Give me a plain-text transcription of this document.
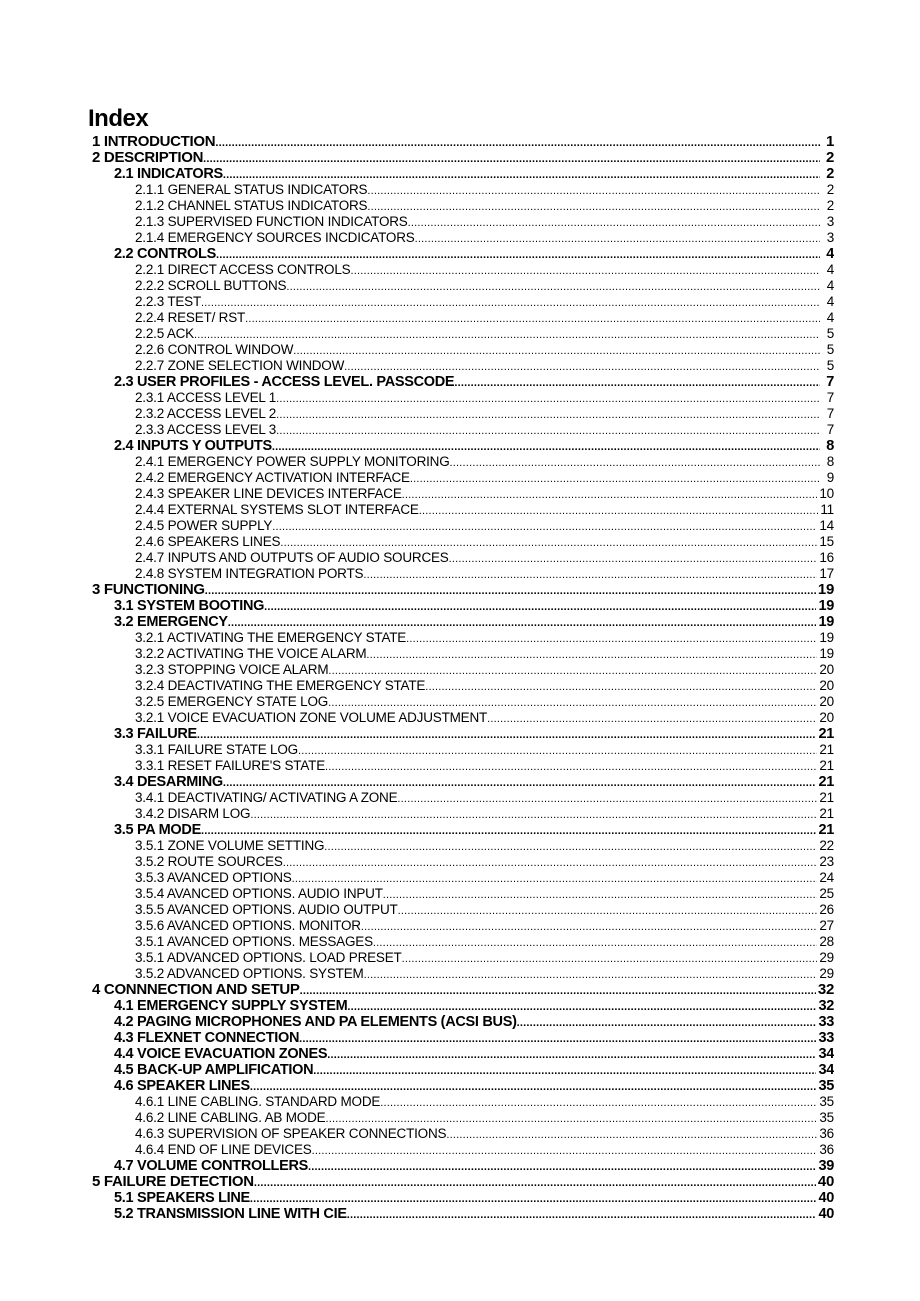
Index
1 INTRODUCTION .....	1
2 DESCRIPTION .....	2
2.1 INDICATORS .....	2
2.1.1 GENERAL STATUS INDICATORS .....	2
2.1.2 CHANNEL STATUS INDICATORS .....	2
2.1.3 SUPERVISED FUNCTION INDICATORS .....	3
2.1.4 EMERGENCY SOURCES INCDICATORS .....	3
2.2 CONTROLS .....	4
2.2.1 DIRECT ACCESS CONTROLS .....	4
2.2.2 SCROLL BUTTONS .....	4
2.2.3 TEST .....	4
2.2.4 RESET/ RST .....	4
2.2.5 ACK .....	5
2.2.6 CONTROL WINDOW .....	5
2.2.7 ZONE SELECTION WINDOW .....	5
2.3 USER PROFILES - ACCESS LEVEL. PASSCODE .....	7
2.3.1 ACCESS LEVEL 1 .....	7
2.3.2 ACCESS LEVEL 2 .....	7
2.3.3 ACCESS LEVEL 3 .....	7
2.4 INPUTS Y OUTPUTS .....	8
2.4.1 EMERGENCY POWER SUPPLY MONITORING .....	8
2.4.2 EMERGENCY ACTIVATION INTERFACE .....	9
2.4.3 SPEAKER LINE DEVICES INTERFACE .....	10
2.4.4 EXTERNAL SYSTEMS SLOT INTERFACE .....	11
2.4.5 POWER SUPPLY .....	14
2.4.6 SPEAKERS LINES .....	15
2.4.7 INPUTS AND OUTPUTS OF AUDIO SOURCES .....	16
2.4.8 SYSTEM INTEGRATION PORTS .....	17
3 FUNCTIONING .....	19
3.1 SYSTEM BOOTING .....	19
3.2 EMERGENCY .....	19
3.2.1 ACTIVATING THE EMERGENCY STATE .....	19
3.2.2 ACTIVATING THE VOICE ALARM .....	19
3.2.3 STOPPING VOICE ALARM .....	20
3.2.4 DEACTIVATING THE EMERGENCY STATE .....	20
3.2.5 EMERGENCY STATE LOG .....	20
3.2.1 VOICE EVACUATION ZONE VOLUME ADJUSTMENT .....	20
3.3 FAILURE .....	21
3.3.1 FAILURE STATE LOG .....	21
3.3.1 RESET FAILURE'S STATE .....	21
3.4 DESARMING .....	21
3.4.1 DEACTIVATING/ ACTIVATING A ZONE .....	21
3.4.2 DISARM LOG .....	21
3.5 PA MODE .....	21
3.5.1 ZONE VOLUME SETTING .....	22
3.5.2 ROUTE SOURCES .....	23
3.5.3 AVANCED OPTIONS .....	24
3.5.4 AVANCED OPTIONS. AUDIO INPUT .....	25
3.5.5 AVANCED OPTIONS. AUDIO OUTPUT .....	26
3.5.6 AVANCED OPTIONS. MONITOR .....	27
3.5.1 AVANCED OPTIONS. MESSAGES .....	28
3.5.1 ADVANCED OPTIONS. LOAD PRESET .....	29
3.5.2 ADVANCED OPTIONS. SYSTEM .....	29
4 CONNNECTION AND SETUP .....	32
4.1 EMERGENCY SUPPLY SYSTEM .....	32
4.2 PAGING MICROPHONES AND PA ELEMENTS (ACSI BUS) .....	33
4.3 FLEXNET CONNECTION .....	33
4.4 VOICE EVACUATION ZONES .....	34
4.5 BACK-UP AMPLIFICATION .....	34
4.6 SPEAKER LINES .....	35
4.6.1 LINE CABLING. STANDARD MODE .....	35
4.6.2 LINE CABLING. AB MODE .....	35
4.6.3 SUPERVISION OF SPEAKER CONNECTIONS .....	36
4.6.4 END OF LINE DEVICES .....	36
4.7 VOLUME CONTROLLERS .....	39
5 FAILURE DETECTION .....	40
5.1 SPEAKERS LINE .....	40
5.2 TRANSMISSION LINE WITH CIE .....	40
